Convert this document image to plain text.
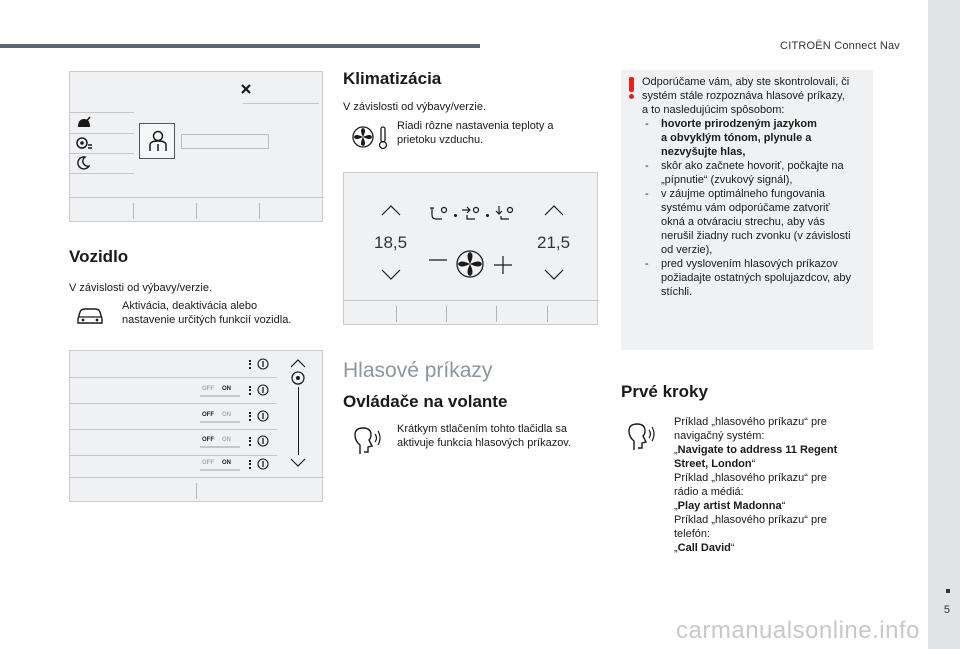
CITROËN Connect Nav
5
carmanualsonline.info
Vozidlo
V závislosti od výbavy/verzie.
Aktivácia, deaktivácia alebo
nastavenie určitých funkcií vozidla.
OFF ON
OFF ON
OFF ON
OFF ON
Klimatizácia
V závislosti od výbavy/verzie.
Riadi rôzne nastavenia teploty a
prietoku vzduchu.
18,5	21,5
Hlasové príkazy
Ovládače na volante
Krátkym stlačením tohto tlačidla sa
aktivuje funkcia hlasových príkazov.
Odporúčame vám, aby ste skontrolovali, či
systém stále rozpoznáva hlasové príkazy,
a to nasledujúcim spôsobom:
- hovorte prirodzeným jazykom
a obvyklým tónom, plynule a
nezvyšujte hlas,
- skôr ako začnete hovoriť, počkajte na
„pípnutie“ (zvukový signál),
- v záujme optimálneho fungovania
systému vám odporúčame zatvoriť
okná a otváraciu strechu, aby vás
nerušil žiadny ruch zvonku (v závislosti
od verzie),
- pred vyslovením hlasových príkazov
požiadajte ostatných spolujazdcov, aby
stíchli.
Prvé kroky
Príklad „hlasového príkazu“ pre
navigačný systém:
„Navigate to address 11 Regent
Street, London“
Príklad „hlasového príkazu“ pre
rádio a médiá:
„Play artist Madonna“
Príklad „hlasového príkazu“ pre
telefón:
„Call David“
